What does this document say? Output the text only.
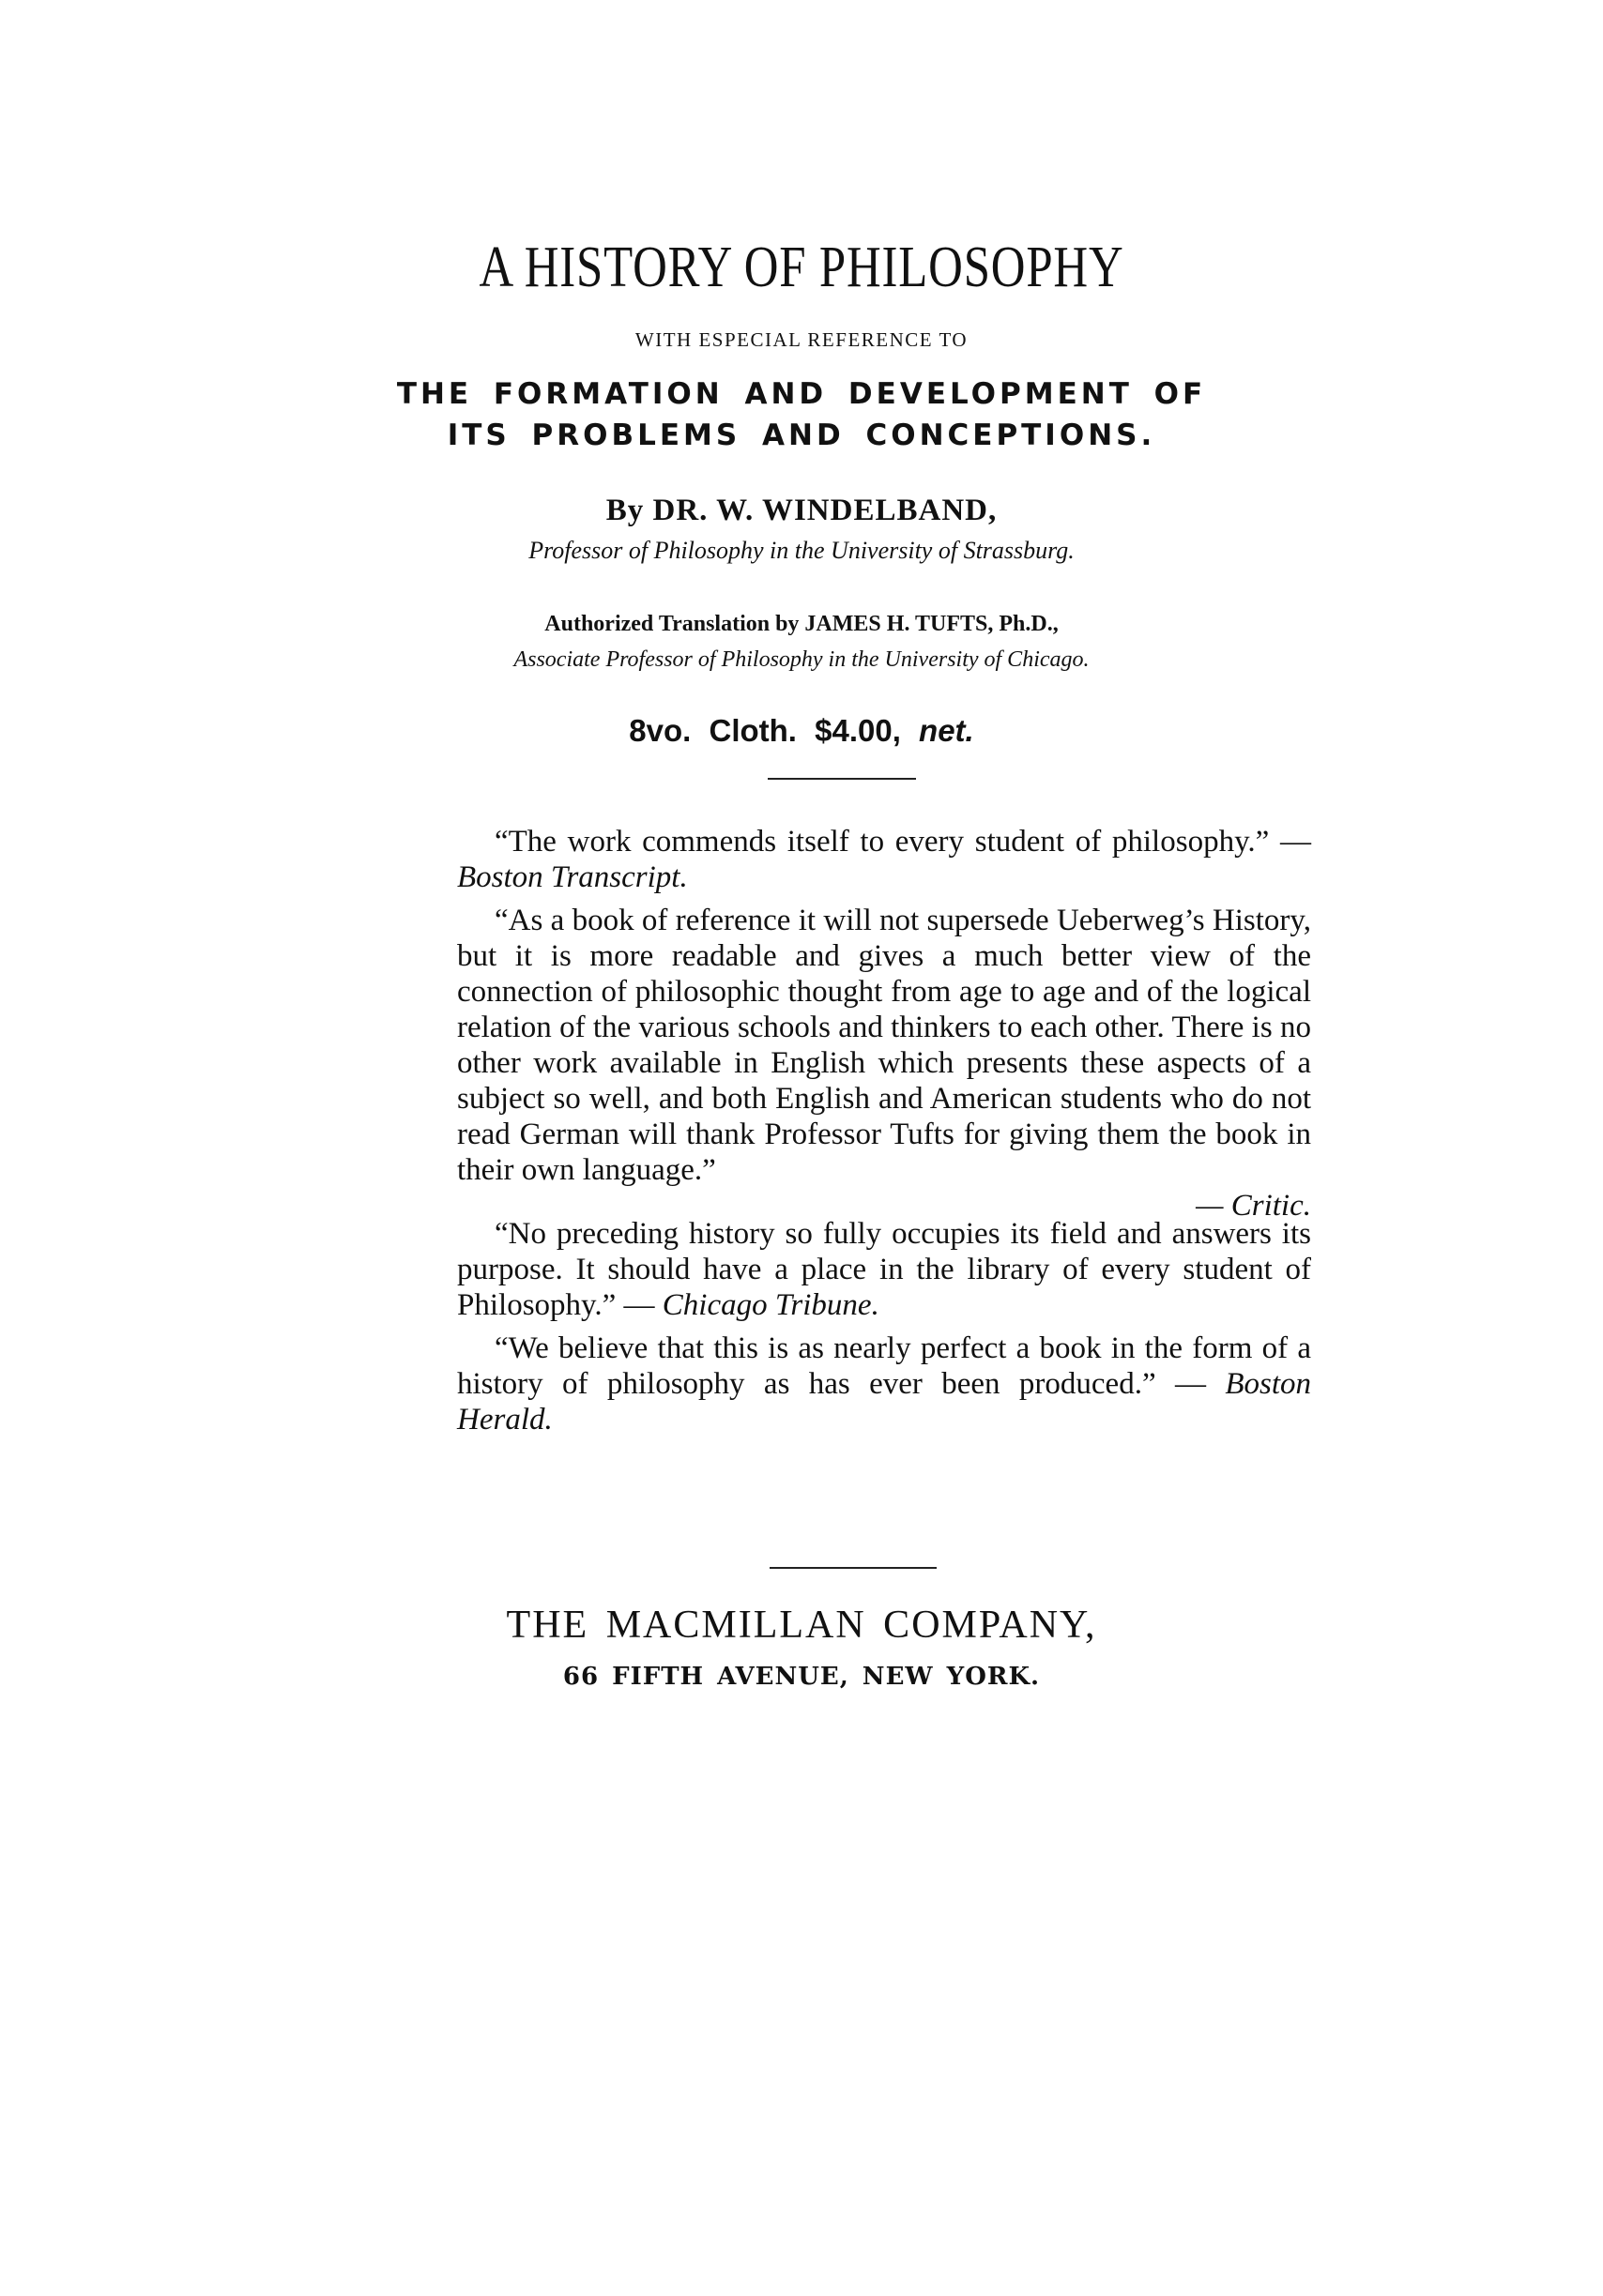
A HISTORY OF PHILOSOPHY
WITH ESPECIAL REFERENCE TO
THE FORMATION AND DEVELOPMENT OF
ITS PROBLEMS AND CONCEPTIONS.
By DR. W. WINDELBAND,
Professor of Philosophy in the University of Strassburg.
Authorized Translation by JAMES H. TUFTS, Ph.D.,
Associate Professor of Philosophy in the University of Chicago.
8vo. Cloth. $4.00, net.

“The work commends itself to every student of philosophy.” — Boston Transcript.

“As a book of reference it will not supersede Ueberweg’s History, but it is more readable and gives a much better view of the connection of philosophic thought from age to age and of the logical relation of the various schools and thinkers to each other. There is no other work available in English which presents these aspects of a subject so well, and both English and American students who do not read German will thank Professor Tufts for giving them the book in their own language.”

— Critic.

“No preceding history so fully occupies its field and answers its purpose. It should have a place in the library of every student of Philosophy.” — Chicago Tribune.

“We believe that this is as nearly perfect a book in the form of a history of philosophy as has ever been produced.” — Boston Herald.

THE MACMILLAN COMPANY,
66 FIFTH AVENUE, NEW YORK.
